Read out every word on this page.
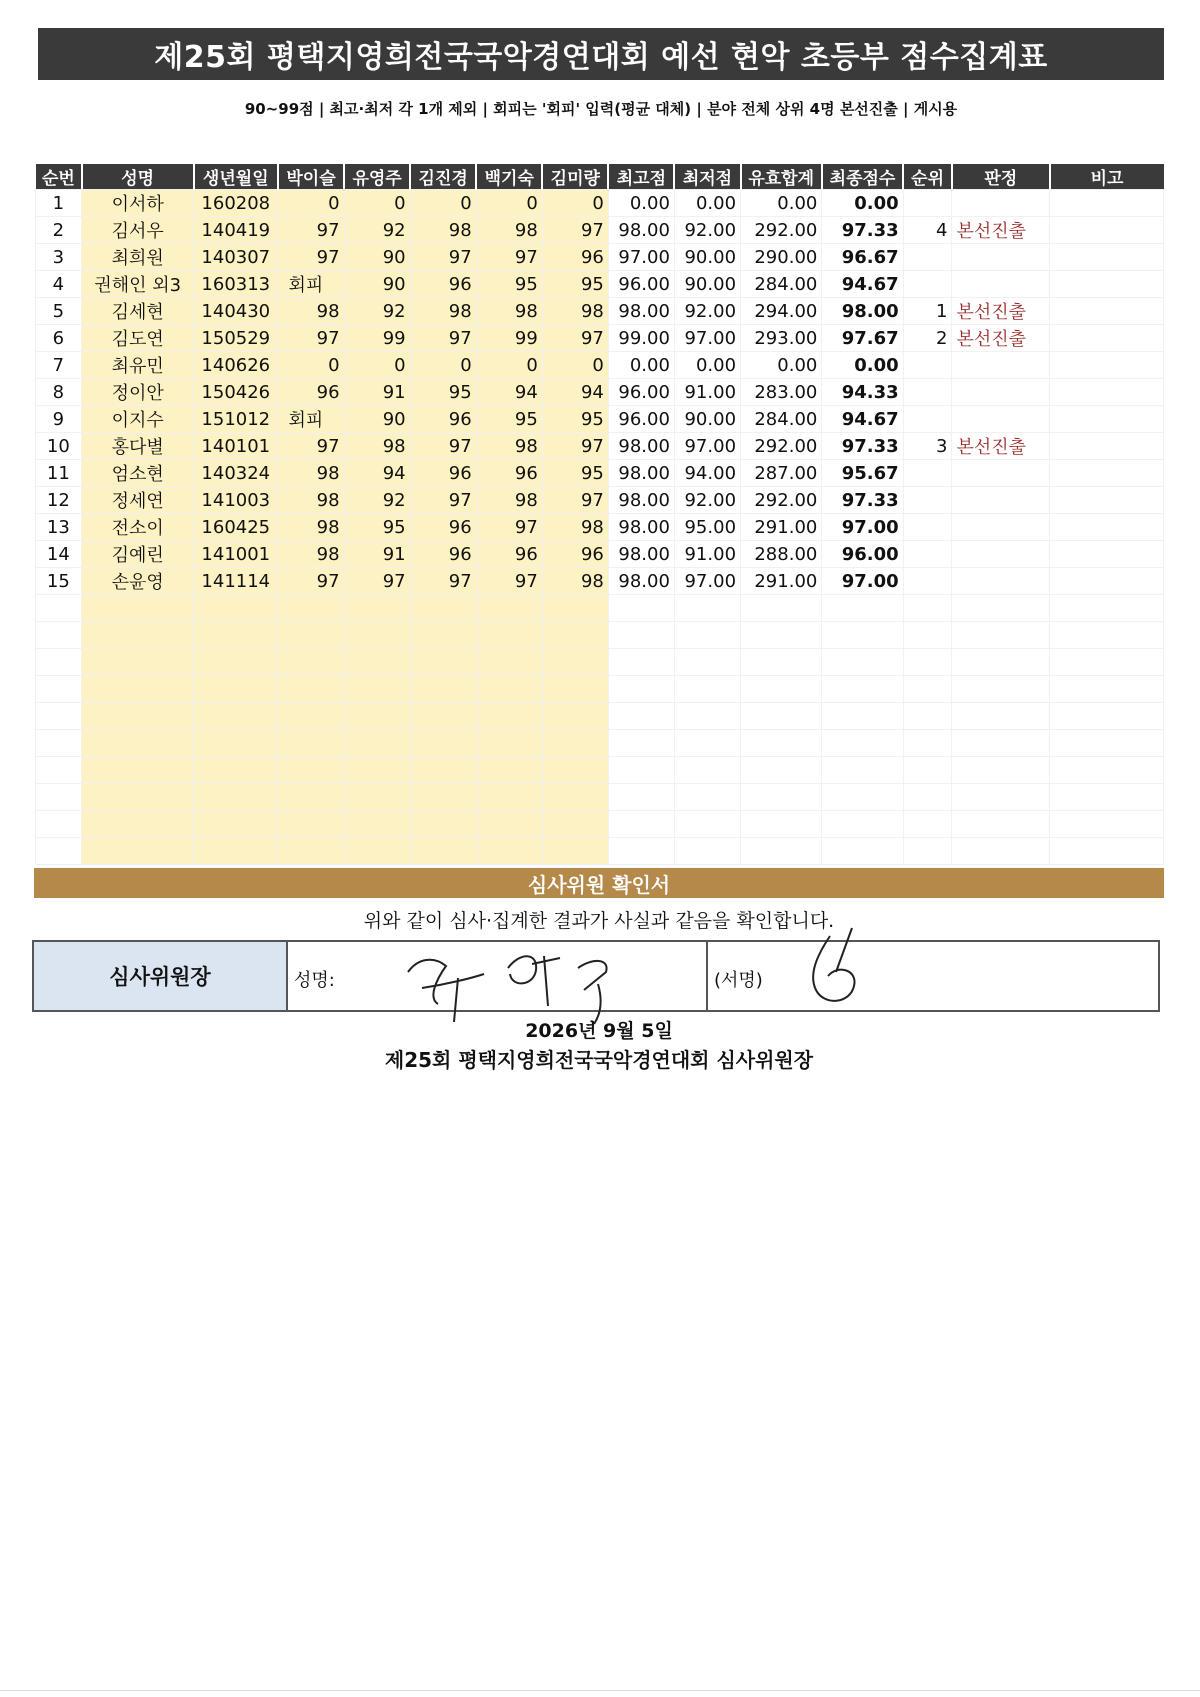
제25회 평택지영희전국국악경연대회 예선 현악 초등부 점수집계표
90~99점 | 최고·최저 각 1개 제외 | 회피는 '회피' 입력(평균 대체) | 분야 전체 상위 4명 본선진출 | 게시용
순번	성명	생년월일	박이슬	유영주	김진경	백기숙	김미량	최고점	최저점	유효합계	최종점수	순위	판정	비고
1	이서하	160208	0	0	0	0	0	0.00	0.00	0.00	0.00			
2	김서우	140419	97	92	98	98	97	98.00	92.00	292.00	97.33	4	본선진출	
3	최희원	140307	97	90	97	97	96	97.00	90.00	290.00	96.67			
4	권해인 외3	160313	회피	90	96	95	95	96.00	90.00	284.00	94.67			
5	김세현	140430	98	92	98	98	98	98.00	92.00	294.00	98.00	1	본선진출	
6	김도연	150529	97	99	97	99	97	99.00	97.00	293.00	97.67	2	본선진출	
7	최유민	140626	0	0	0	0	0	0.00	0.00	0.00	0.00			
8	정이안	150426	96	91	95	94	94	96.00	91.00	283.00	94.33			
9	이지수	151012	회피	90	96	95	95	96.00	90.00	284.00	94.67			
10	홍다별	140101	97	98	97	98	97	98.00	97.00	292.00	97.33	3	본선진출	
11	엄소현	140324	98	94	96	96	95	98.00	94.00	287.00	95.67			
12	정세연	141003	98	92	97	98	97	98.00	92.00	292.00	97.33			
13	전소이	160425	98	95	96	97	98	98.00	95.00	291.00	97.00			
14	김예린	141001	98	91	96	96	96	98.00	91.00	288.00	96.00			
15	손윤영	141114	97	97	97	97	98	98.00	97.00	291.00	97.00			

심사위원 확인서
위와 같이 심사·집계한 결과가 사실과 같음을 확인합니다.
심사위원장	성명:	(서명)
2026년 9월 5일
제25회 평택지영희전국국악경연대회 심사위원장
